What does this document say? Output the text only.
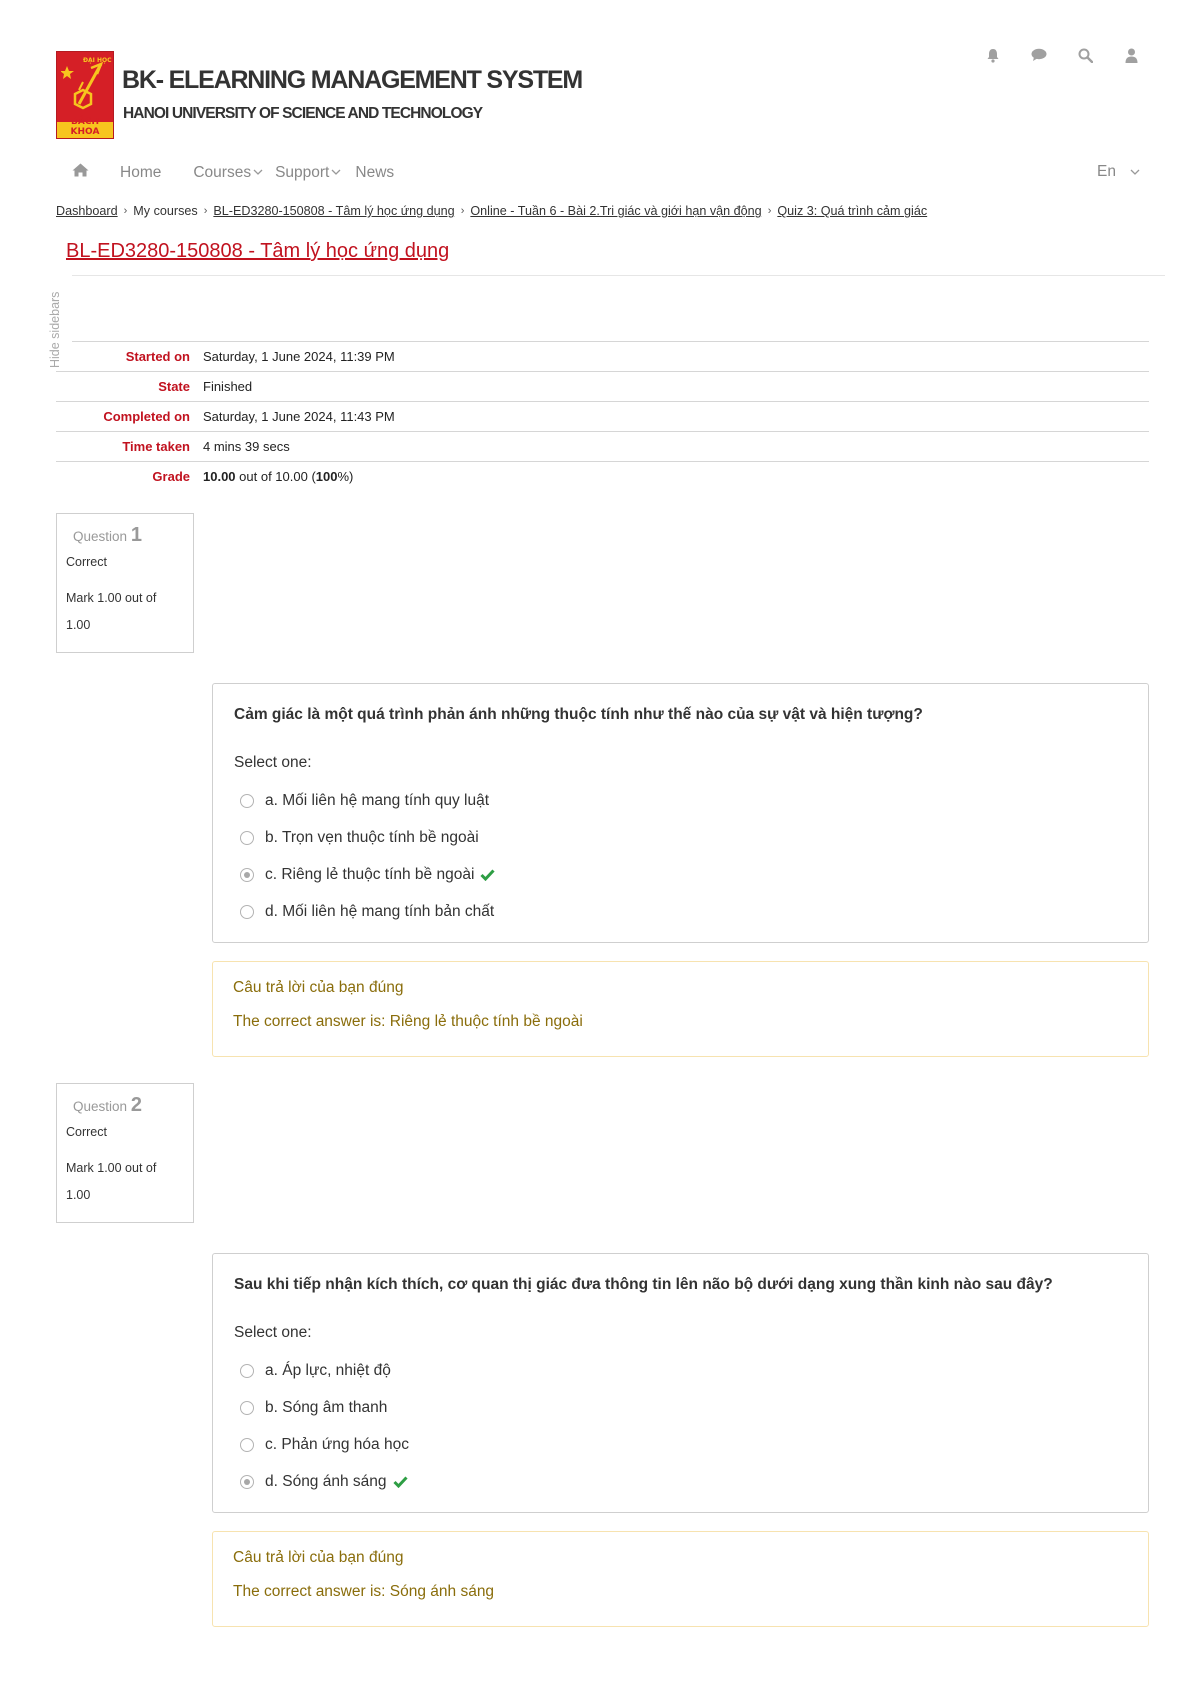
ĐẠI HỌC
BÁCH KHOA
BK- ELEARNING MANAGEMENT SYSTEM
HANOI UNIVERSITY OF SCIENCE AND TECHNOLOGY
Home Courses Support News	En
Dashboard › My courses › BL-ED3280-150808 - Tâm lý học ứng dụng › Online - Tuần 6 - Bài 2.Tri giác và giới hạn vận động › Quiz 3: Quá trình cảm giác
BL-ED3280-150808 - Tâm lý học ứng dụng
Hide sidebars	Started on Saturday, 1 June 2024, 11:39 PM
State Finished
Completed on Saturday, 1 June 2024, 11:43 PM
Time taken 4 mins 39 secs
Grade 10.00 out of 10.00 (100%)
Question 1
Correct
Mark 1.00 out of 1.00
Cảm giác là một quá trình phản ánh những thuộc tính như thế nào của sự vật và hiện tượng?
Select one:
a. Mối liên hệ mang tính quy luật
b. Trọn vẹn thuộc tính bề ngoài
c. Riêng lẻ thuộc tính bề ngoài
d. Mối liên hệ mang tính bản chất
Câu trả lời của bạn đúng
The correct answer is: Riêng lẻ thuộc tính bề ngoài
Question 2
Correct
Mark 1.00 out of 1.00
Sau khi tiếp nhận kích thích, cơ quan thị giác đưa thông tin lên não bộ dưới dạng xung thần kinh nào sau đây?
Select one:
a. Áp lực, nhiệt độ
b. Sóng âm thanh
c. Phản ứng hóa học
d. Sóng ánh sáng
Câu trả lời của bạn đúng
The correct answer is: Sóng ánh sáng
